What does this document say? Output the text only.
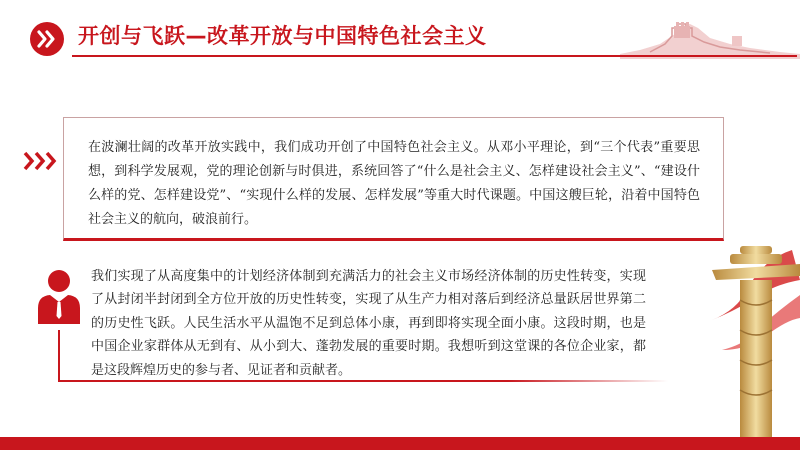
开创与飞跃—改革开放与中国特色社会主义
在波澜壮阔的改革开放实践中，我们成功开创了中国特色社会主义。从邓小平理论，到“三个代表”重要思想，到科学发展观，党的理论创新与时俱进，系统回答了“什么是社会主义、怎样建设社会主义”、“建设什么样的党、怎样建设党”、“实现什么样的发展、怎样发展”等重大时代课题。中国这艘巨轮，沿着中国特色社会主义的航向，破浪前行。
我们实现了从高度集中的计划经济体制到充满活力的社会主义市场经济体制的历史性转变，实现了从封闭半封闭到全方位开放的历史性转变，实现了从生产力相对落后到经济总量跃居世界第二的历史性飞跃。人民生活水平从温饱不足到总体小康，再到即将实现全面小康。这段时期，也是中国企业家群体从无到有、从小到大、蓬勃发展的重要时期。我想听到这堂课的各位企业家，都是这段辉煌历史的参与者、见证者和贡献者。
